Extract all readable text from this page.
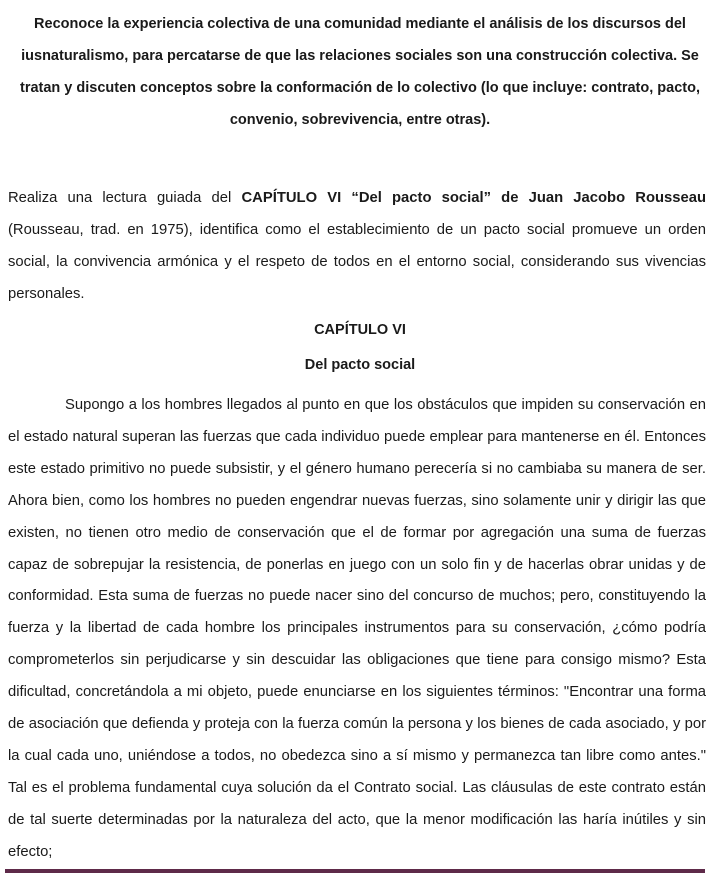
Reconoce la experiencia colectiva de una comunidad mediante el análisis de los discursos del iusnaturalismo, para percatarse de que las relaciones sociales son una construcción colectiva. Se tratan y discuten conceptos sobre la conformación de lo colectivo (lo que incluye: contrato, pacto, convenio, sobrevivencia, entre otras).

Realiza una lectura guiada del CAPÍTULO VI “Del pacto social” de Juan Jacobo Rousseau (Rousseau, trad. en 1975), identifica como el establecimiento de un pacto social promueve un orden social, la convivencia armónica y el respeto de todos en el entorno social, considerando sus vivencias personales.

CAPÍTULO VI

Del pacto social

Supongo a los hombres llegados al punto en que los obstáculos que impiden su conservación en el estado natural superan las fuerzas que cada individuo puede emplear para mantenerse en él. Entonces este estado primitivo no puede subsistir, y el género humano perecería si no cambiaba su manera de ser. Ahora bien, como los hombres no pueden engendrar nuevas fuerzas, sino solamente unir y dirigir las que existen, no tienen otro medio de conservación que el de formar por agregación una suma de fuerzas capaz de sobrepujar la resistencia, de ponerlas en juego con un solo fin y de hacerlas obrar unidas y de conformidad. Esta suma de fuerzas no puede nacer sino del concurso de muchos; pero, constituyendo la fuerza y la libertad de cada hombre los principales instrumentos para su conservación, ¿cómo podría comprometerlos sin perjudicarse y sin descuidar las obligaciones que tiene para consigo mismo? Esta dificultad, concretándola a mi objeto, puede enunciarse en los siguientes términos: "Encontrar una forma de asociación que defienda y proteja con la fuerza común la persona y los bienes de cada asociado, y por la cual cada uno, uniéndose a todos, no obedezca sino a sí mismo y permanezca tan libre como antes." Tal es el problema fundamental cuya solución da el Contrato social. Las cláusulas de este contrato están de tal suerte determinadas por la naturaleza del acto, que la menor modificación las haría inútiles y sin efecto;
